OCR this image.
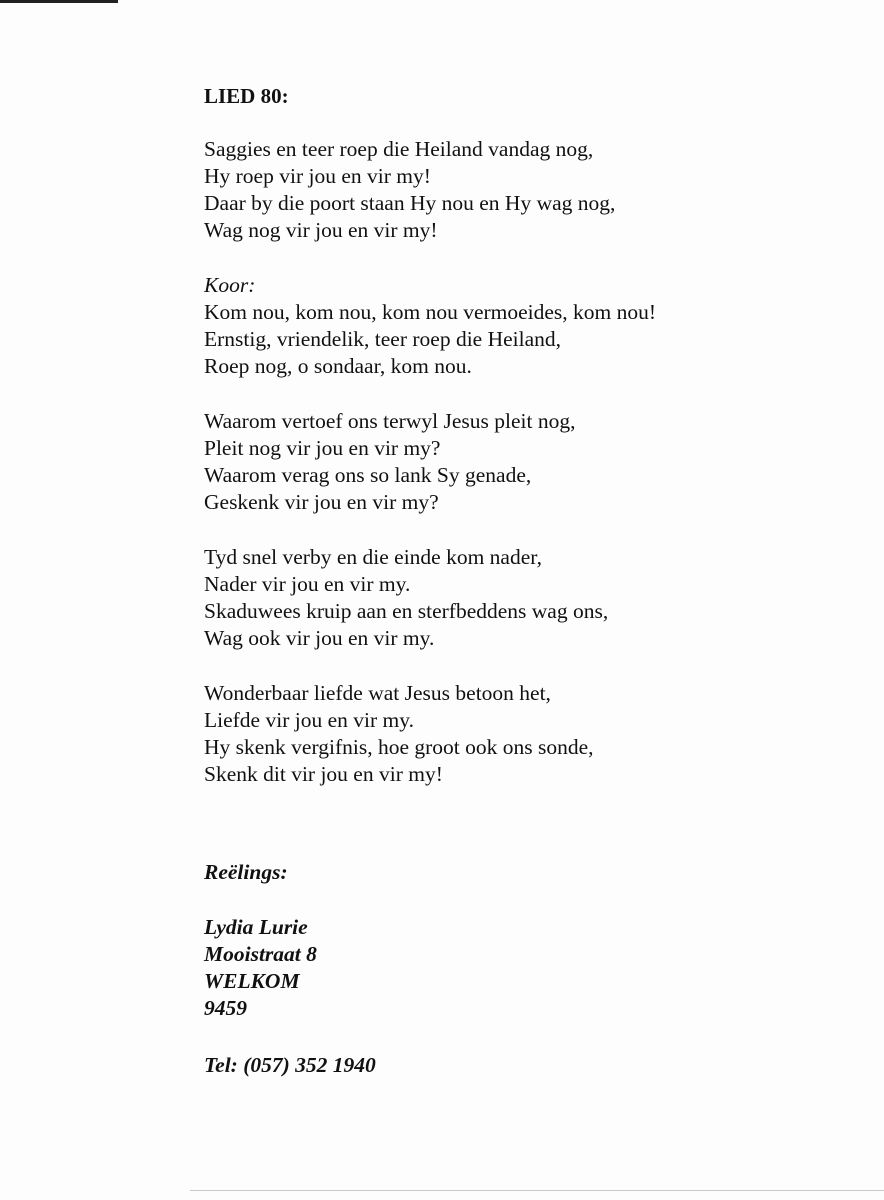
LIED 80:
Saggies en teer roep die Heiland vandag nog,
Hy roep vir jou en vir my!
Daar by die poort staan Hy nou en Hy wag nog,
Wag nog vir jou en vir my!
Koor:
Kom nou, kom nou, kom nou vermoeides, kom nou!
Ernstig, vriendelik, teer roep die Heiland,
Roep nog, o sondaar, kom nou.
Waarom vertoef ons terwyl Jesus pleit nog,
Pleit nog vir jou en vir my?
Waarom verag ons so lank Sy genade,
Geskenk vir jou en vir my?
Tyd snel verby en die einde kom nader,
Nader vir jou en vir my.
Skaduwees kruip aan en sterfbeddens wag ons,
Wag ook vir jou en vir my.
Wonderbaar liefde wat Jesus betoon het,
Liefde vir jou en vir my.
Hy skenk vergifnis, hoe groot ook ons sonde,
Skenk dit vir jou en vir my!
Reëlings:
Lydia Lurie
Mooistraat 8
WELKOM
9459
Tel: (057) 352 1940
